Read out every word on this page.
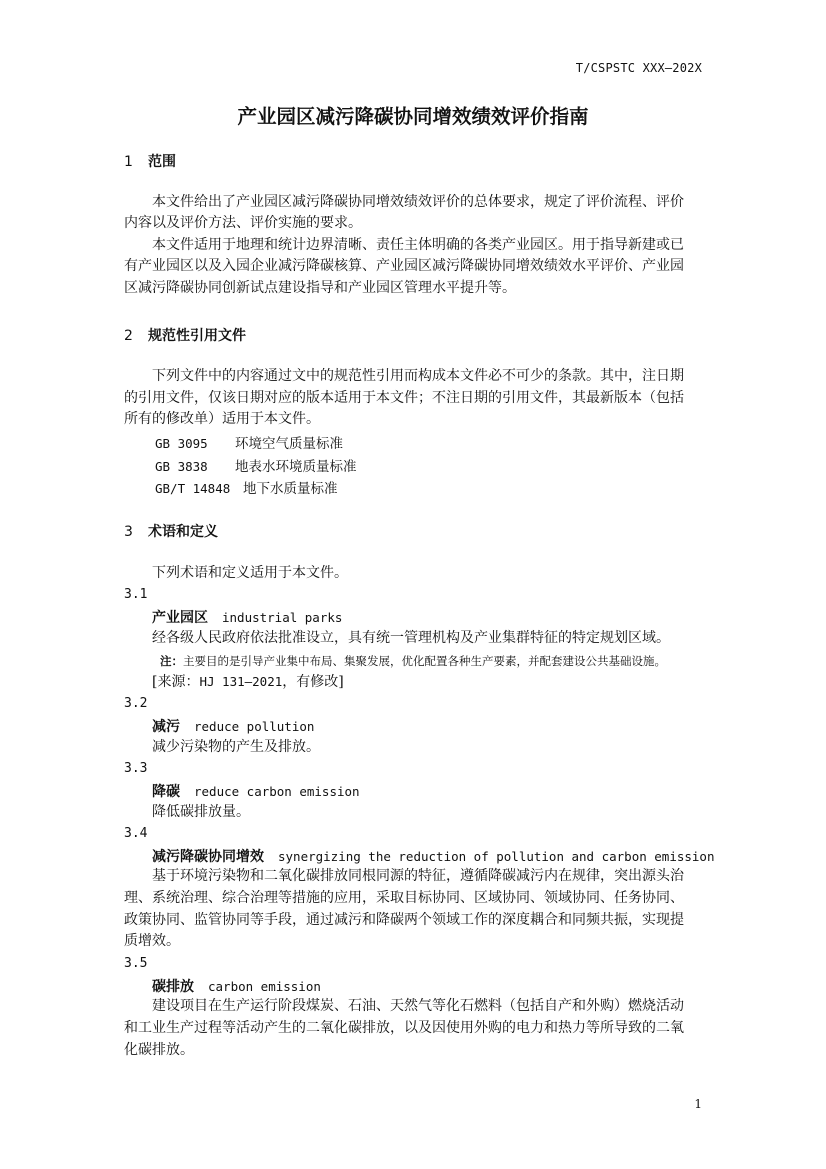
T/CSPSTC XXX—202X
产业园区减污降碳协同增效绩效评价指南
1 范围
本文件给出了产业园区减污降碳协同增效绩效评价的总体要求，规定了评价流程、评价
内容以及评价方法、评价实施的要求。
本文件适用于地理和统计边界清晰、责任主体明确的各类产业园区。用于指导新建或已
有产业园区以及入园企业减污降碳核算、产业园区减污降碳协同增效绩效水平评价、产业园
区减污降碳协同创新试点建设指导和产业园区管理水平提升等。
2 规范性引用文件
下列文件中的内容通过文中的规范性引用而构成本文件必不可少的条款。其中，注日期
的引用文件，仅该日期对应的版本适用于本文件；不注日期的引用文件，其最新版本（包括
所有的修改单）适用于本文件。
GB 3095 环境空气质量标准
GB 3838 地表水环境质量标准
GB/T 14848 地下水质量标准
3 术语和定义
下列术语和定义适用于本文件。
3.1
产业园区 industrial parks
经各级人民政府依法批准设立，具有统一管理机构及产业集群特征的特定规划区域。
注：主要目的是引导产业集中布局、集聚发展，优化配置各种生产要素，并配套建设公共基础设施。
[来源：HJ 131—2021，有修改]
3.2
减污 reduce pollution
减少污染物的产生及排放。
3.3
降碳 reduce carbon emission
降低碳排放量。
3.4
减污降碳协同增效 synergizing the reduction of pollution and carbon emission
基于环境污染物和二氧化碳排放同根同源的特征，遵循降碳减污内在规律，突出源头治
理、系统治理、综合治理等措施的应用，采取目标协同、区域协同、领域协同、任务协同、
政策协同、监管协同等手段，通过减污和降碳两个领域工作的深度耦合和同频共振，实现提
质增效。
3.5
碳排放 carbon emission
建设项目在生产运行阶段煤炭、石油、天然气等化石燃料（包括自产和外购）燃烧活动
和工业生产过程等活动产生的二氧化碳排放，以及因使用外购的电力和热力等所导致的二氧
化碳排放。
1
